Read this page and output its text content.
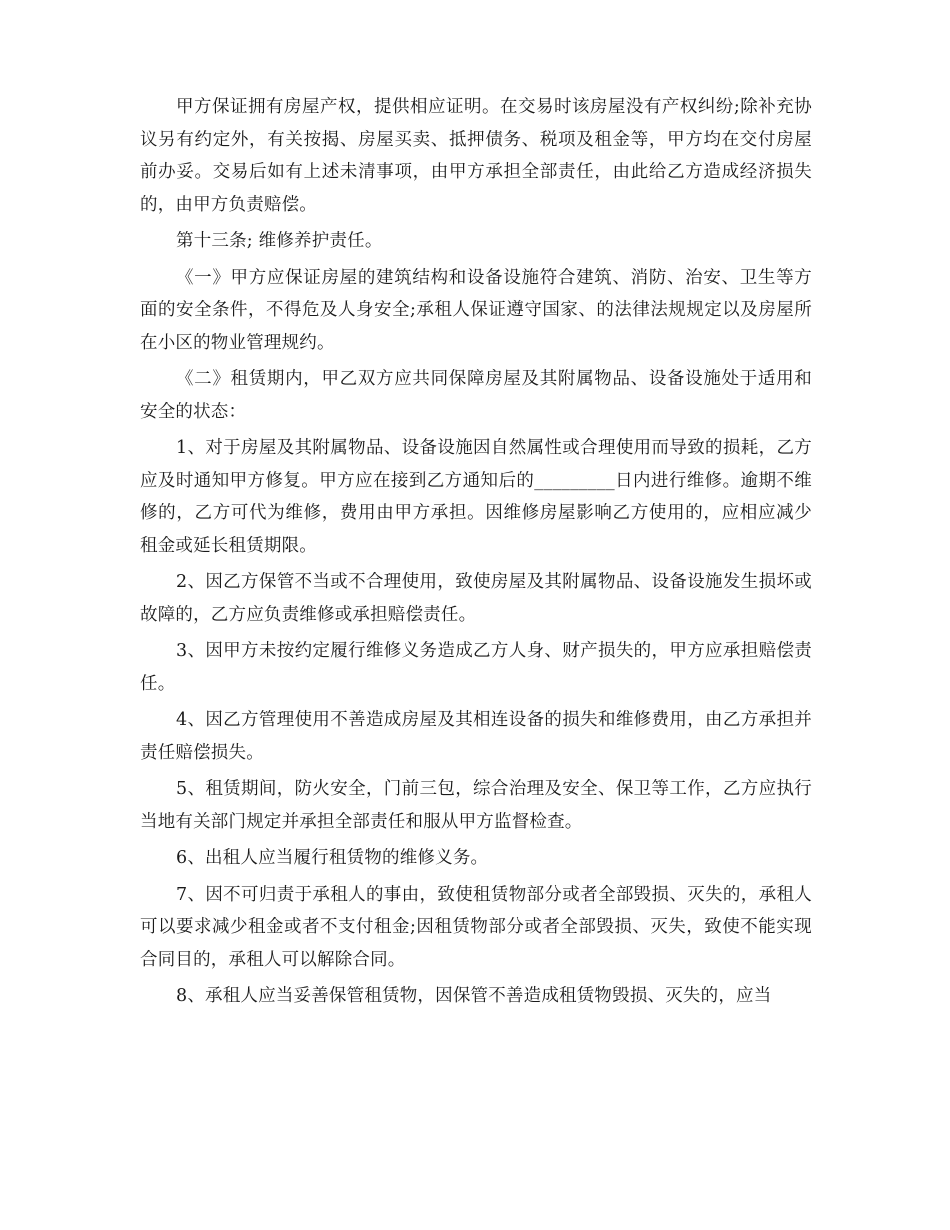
甲方保证拥有房屋产权，提供相应证明。在交易时该房屋没有产权纠纷;除补充协议另有约定外，有关按揭、房屋买卖、抵押债务、税项及租金等，甲方均在交付房屋前办妥。交易后如有上述未清事项，由甲方承担全部责任，由此给乙方造成经济损失的，由甲方负责赔偿。

第十三条; 维修养护责任。

《一》甲方应保证房屋的建筑结构和设备设施符合建筑、消防、治安、卫生等方面的安全条件，不得危及人身安全;承租人保证遵守国家、的法律法规规定以及房屋所在小区的物业管理规约。

《二》租赁期内，甲乙双方应共同保障房屋及其附属物品、设备设施处于适用和安全的状态：

1、对于房屋及其附属物品、设备设施因自然属性或合理使用而导致的损耗，乙方应及时通知甲方修复。甲方应在接到乙方通知后的_________日内进行维修。逾期不维修的，乙方可代为维修，费用由甲方承担。因维修房屋影响乙方使用的，应相应减少租金或延长租赁期限。

2、因乙方保管不当或不合理使用，致使房屋及其附属物品、设备设施发生损坏或故障的，乙方应负责维修或承担赔偿责任。

3、因甲方未按约定履行维修义务造成乙方人身、财产损失的，甲方应承担赔偿责任。

4、因乙方管理使用不善造成房屋及其相连设备的损失和维修费用，由乙方承担并责任赔偿损失。

5、租赁期间，防火安全，门前三包，综合治理及安全、保卫等工作，乙方应执行当地有关部门规定并承担全部责任和服从甲方监督检查。

6、出租人应当履行租赁物的维修义务。

7、因不可归责于承租人的事由，致使租赁物部分或者全部毁损、灭失的，承租人可以要求减少租金或者不支付租金;因租赁物部分或者全部毁损、灭失，致使不能实现合同目的，承租人可以解除合同。

8、承租人应当妥善保管租赁物，因保管不善造成租赁物毁损、灭失的，应当
